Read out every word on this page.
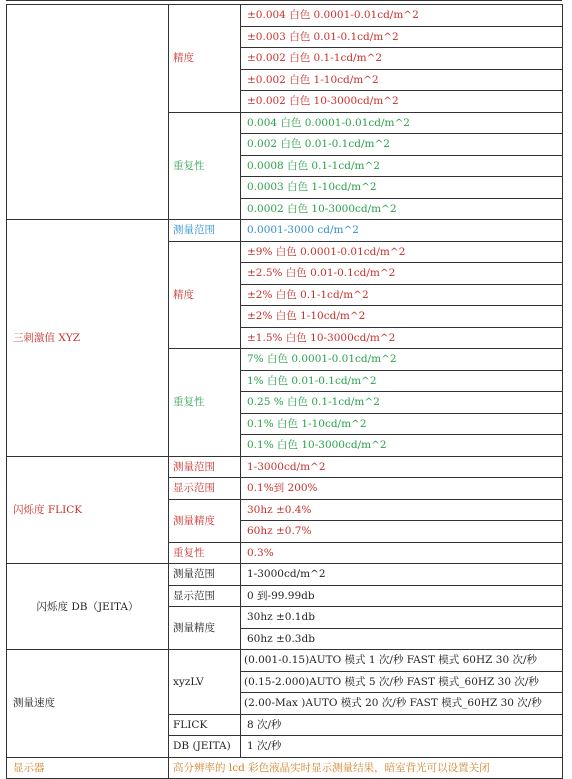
	精度	±0.004 白色 0.0001-0.01cd/m^2
		±0.003 白色 0.01-0.1cd/m^2
		±0.002 白色 0.1-1cd/m^2
		±0.002 白色 1-10cd/m^2
		±0.002 白色 10-3000cd/m^2
	重复性	0.004 白色 0.0001-0.01cd/m^2
		0.002 白色 0.01-0.1cd/m^2
		0.0008 白色 0.1-1cd/m^2
		0.0003 白色 1-10cd/m^2
		0.0002 白色 10-3000cd/m^2
三刺激值 XYZ	测量范围	0.0001-3000 cd/m^2
	精度	±9% 白色 0.0001-0.01cd/m^2
		±2.5% 白色 0.01-0.1cd/m^2
		±2% 白色 0.1-1cd/m^2
		±2% 白色 1-10cd/m^2
		±1.5% 白色 10-3000cd/m^2
	重复性	7% 白色 0.0001-0.01cd/m^2
		1% 白色 0.01-0.1cd/m^2
		0.25 % 白色 0.1-1cd/m^2
		0.1% 白色 1-10cd/m^2
		0.1% 白色 10-3000cd/m^2
闪烁度 FLICK	测量范围	1-3000cd/m^2
	显示范围	0.1%到 200%
	测量精度	30hz ±0.4%
		60hz ±0.7%
	重复性	0.3%
闪烁度 DB（JEITA）	测量范围	1-3000cd/m^2
	显示范围	0 到-99.99db
	测量精度	30hz ±0.1db
		60hz ±0.3db
测量速度	xyzLV	(0.001-0.15)AUTO 模式 1 次/秒 FAST 模式 60HZ 30 次/秒
		(0.15-2.000)AUTO 模式 5 次/秒 FAST 模式_60HZ 30 次/秒
		(2.00-Max )AUTO 模式 20 次/秒 FAST 模式_60HZ 30 次/秒
	FLICK	8 次/秒
	DB (JEITA)	1 次/秒
显示器	高分辨率的 lcd 彩色液晶实时显示测量结果，暗室背光可以设置关闭	
